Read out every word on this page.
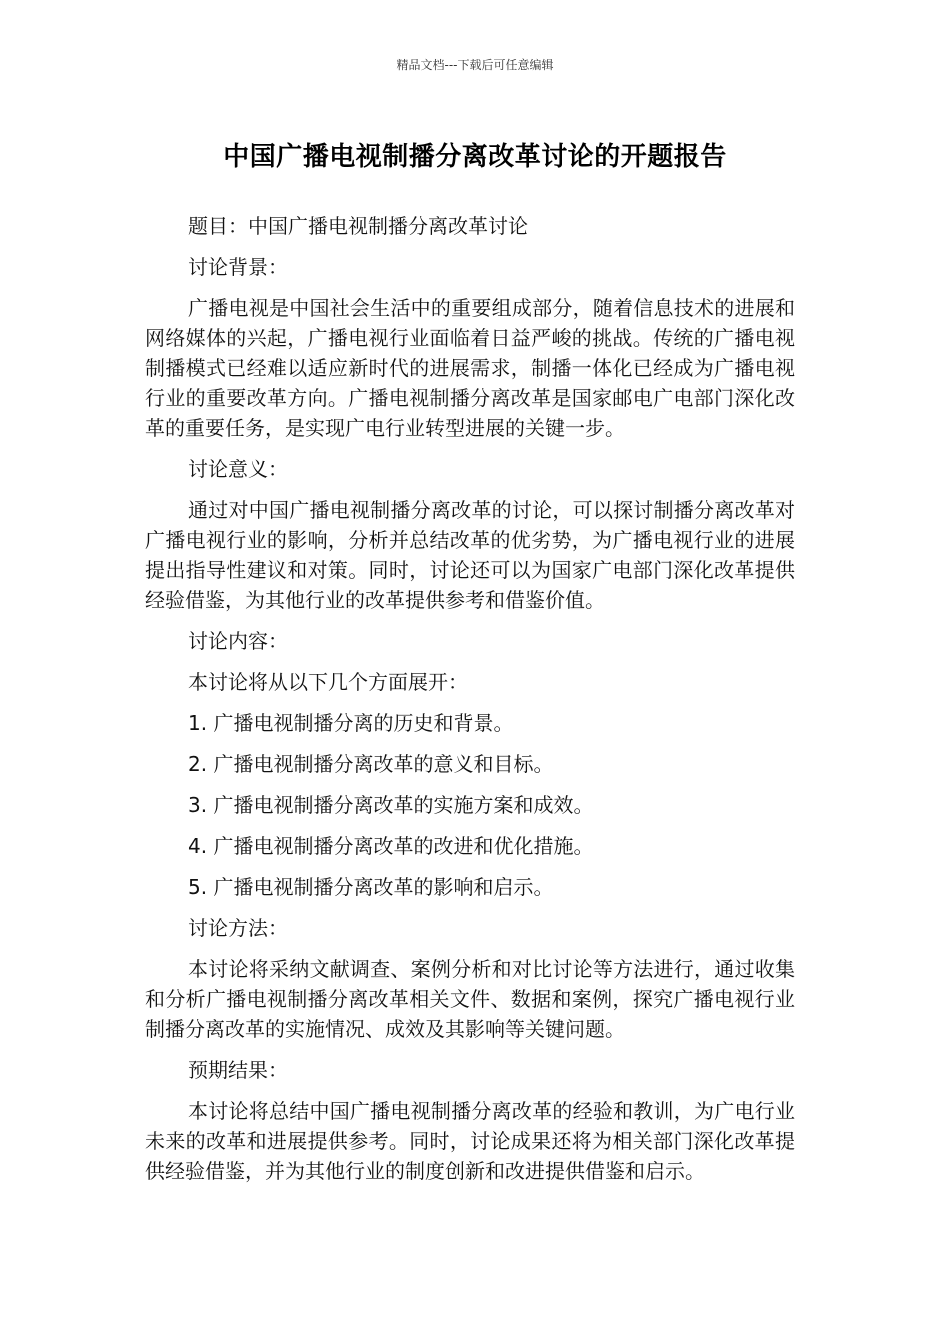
精品文档---下载后可任意编辑
中国广播电视制播分离改革讨论的开题报告

题目：中国广播电视制播分离改革讨论

讨论背景：

广播电视是中国社会生活中的重要组成部分，随着信息技术的进展和网络媒体的兴起，广播电视行业面临着日益严峻的挑战。传统的广播电视制播模式已经难以适应新时代的进展需求，制播一体化已经成为广播电视行业的重要改革方向。广播电视制播分离改革是国家邮电广电部门深化改革的重要任务，是实现广电行业转型进展的关键一步。

讨论意义：

通过对中国广播电视制播分离改革的讨论，可以探讨制播分离改革对广播电视行业的影响，分析并总结改革的优劣势，为广播电视行业的进展提出指导性建议和对策。同时，讨论还可以为国家广电部门深化改革提供经验借鉴，为其他行业的改革提供参考和借鉴价值。

讨论内容：

本讨论将从以下几个方面展开：

1. 广播电视制播分离的历史和背景。
2. 广播电视制播分离改革的意义和目标。
3. 广播电视制播分离改革的实施方案和成效。
4. 广播电视制播分离改革的改进和优化措施。
5. 广播电视制播分离改革的影响和启示。

讨论方法：

本讨论将采纳文献调查、案例分析和对比讨论等方法进行，通过收集和分析广播电视制播分离改革相关文件、数据和案例，探究广播电视行业制播分离改革的实施情况、成效及其影响等关键问题。

预期结果：

本讨论将总结中国广播电视制播分离改革的经验和教训，为广电行业未来的改革和进展提供参考。同时，讨论成果还将为相关部门深化改革提供经验借鉴，并为其他行业的制度创新和改进提供借鉴和启示。
